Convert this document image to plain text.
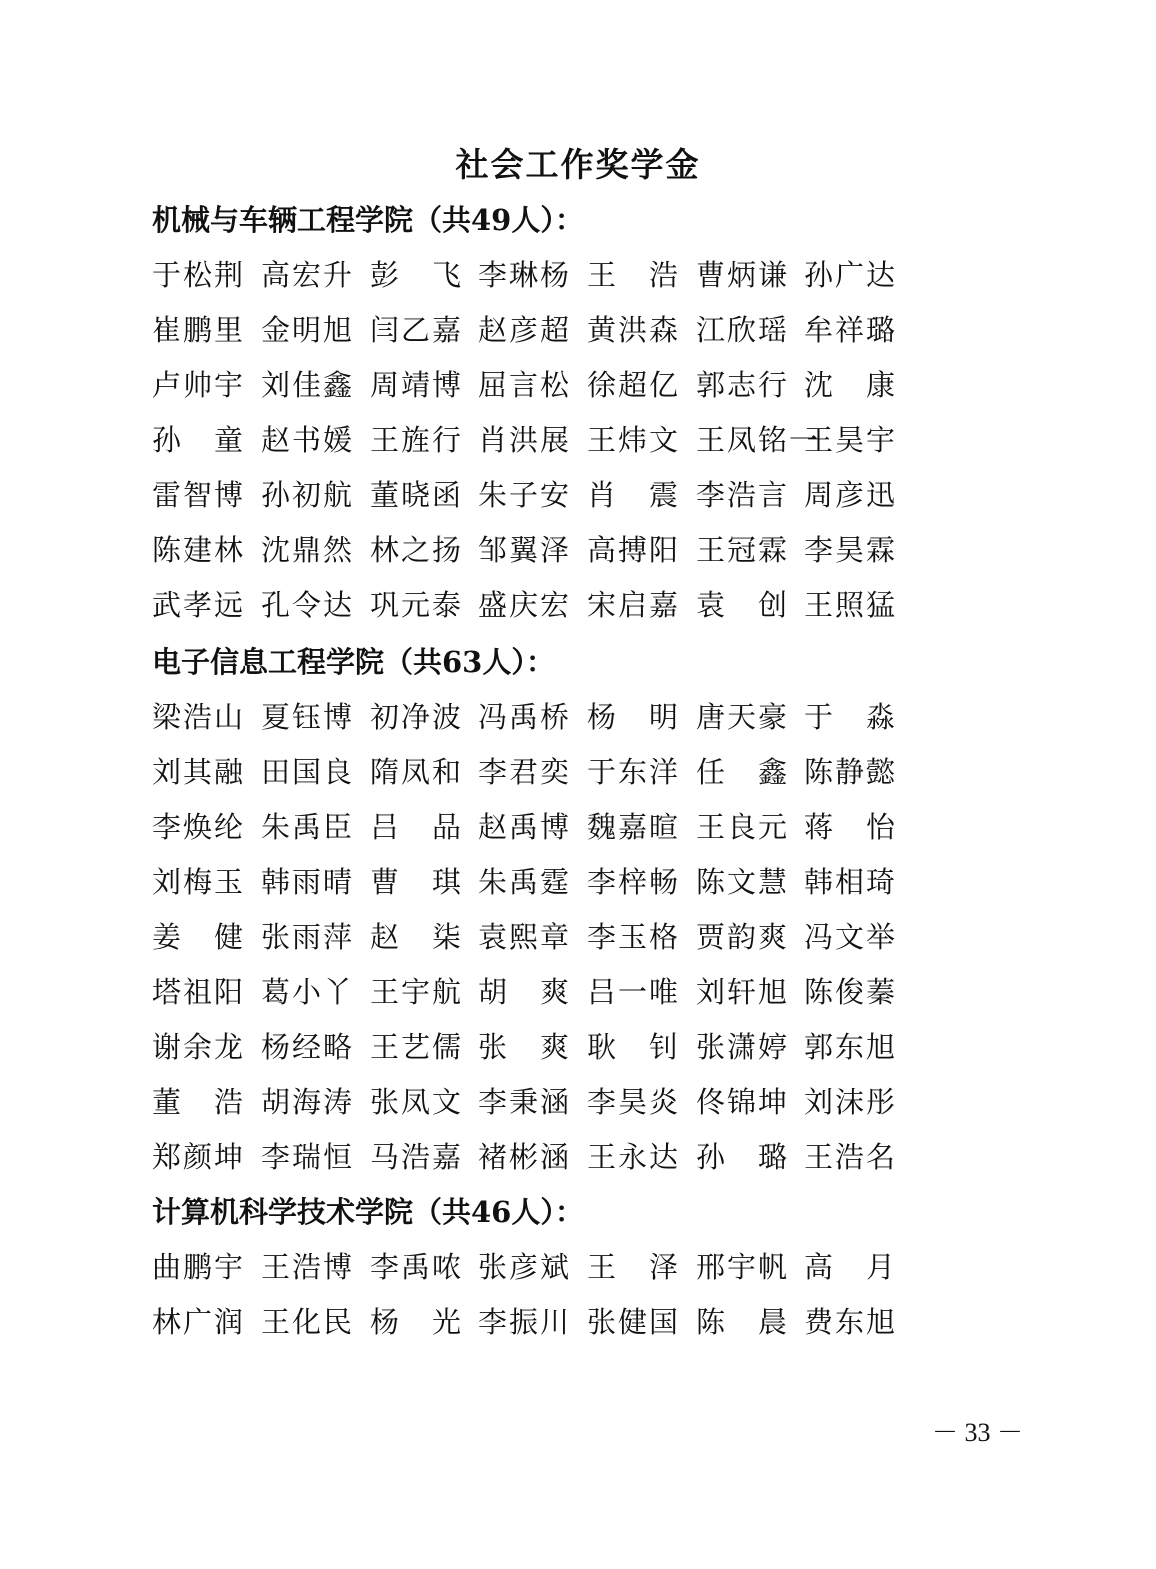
社会工作奖学金
机械与车辆工程学院（共49人）：
于松荆 高宏升 彭　飞 李琳杨 王　浩 曹炳谦 孙广达
崔鹏里 金明旭 闫乙嘉 赵彦超 黄洪森 江欣瑶 牟祥璐
卢帅宇 刘佳鑫 周靖博 屈言松 徐超亿 郭志行 沈　康
孙　童 赵书媛 王旌行 肖洪展 王炜文 王凤铭一
王昊宇
雷智博 孙初航 董晓函 朱子安 肖　震 李浩言 周彦迅
陈建林 沈鼎然 林之扬 邹翼泽 高搏阳 王冠霖 李昊霖
武孝远 孔令达 巩元泰 盛庆宏 宋启嘉 袁　创 王照猛
电子信息工程学院（共63人）：
梁浩山 夏钰博 初净波 冯禹桥 杨　明 唐天豪 于　淼
刘其融 田国良 隋凤和 李君奕 于东洋 任　鑫 陈静懿
李焕纶 朱禹臣 吕　品 赵禹博 魏嘉暄 王良元 蒋　怡
刘梅玉 韩雨晴 曹　琪 朱禹霆 李梓畅 陈文慧 韩相琦
姜　健 张雨萍 赵　柒 袁熙章 李玉格 贾韵爽 冯文举
塔祖阳 葛小丫 王宇航 胡　爽 吕一唯 刘轩旭 陈俊蓁
谢余龙 杨经略 王艺儒 张　爽 耿　钊 张潇婷 郭东旭
董　浩 胡海涛 张凤文 李秉涵 李昊炎 佟锦坤 刘沫彤
郑颜坤 李瑞恒 马浩嘉 褚彬涵 王永达 孙　璐 王浩名
计算机科学技术学院（共46人）：
曲鹏宇 王浩博 李禹哝 张彦斌 王　泽 邢宇帆 高　月
林广润 王化民 杨　光 李振川 张健国 陈　晨 费东旭
－ 33 －
